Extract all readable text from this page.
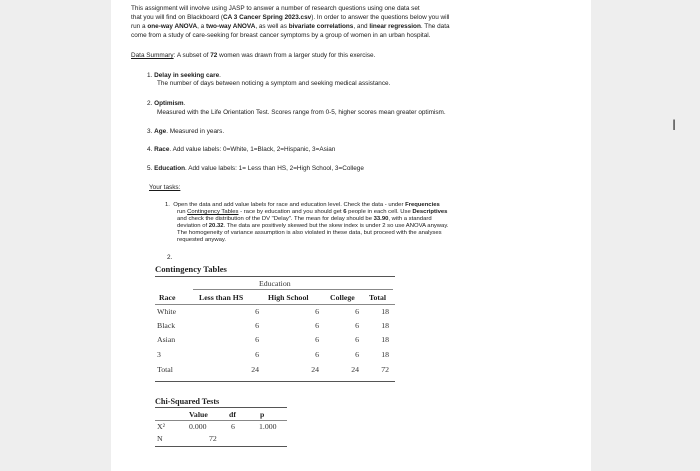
This assignment will involve using JASP to answer a number of research questions using one data set
that you will find on Blackboard (CA 3 Cancer Spring 2023.csv). In order to answer the questions below you will
run a one-way ANOVA, a two-way ANOVA, as well as bivariate correlations, and linear regression. The data
come from a study of care-seeking for breast cancer symptoms by a group of women in an urban hospital.
Data Summary: A subset of 72 women was drawn from a larger study for this exercise.
1. Delay in seeking care.
The number of days between noticing a symptom and seeking medical assistance.
2. Optimism.
Measured with the Life Orientation Test. Scores range from 0-5, higher scores mean greater optimism.
3. Age. Measured in years.
4. Race. Add value labels: 0=White, 1=Black, 2=Hispanic, 3=Asian
5. Education. Add value labels: 1= Less than HS, 2=High School, 3=College
Your tasks:
1. Open the data and add value labels for race and education level. Check the data - under Frequencies
run Contingency Tables - race by education and you should get 6 people in each cell. Use Descriptives
and check the distribution of the DV "Delay". The mean for delay should be 33.90, with a standard
deviation of 20.32. The data are positively skewed but the skew index is under 2 so use ANOVA anyway.
The homogeneity of variance assumption is also violated in these data, but proceed with the analyses
requested anyway.
2.
Contingency Tables
Education
Race	Less than HS	High School	College Total
White	6	6	6	18
Black	6	6	6	18
Asian	6	6	6	18
3	6	6	6	18
Total	24	24	24	72
Chi-Squared Tests
Value	df	p
X²	0.000	6	1.000
N	72
I
